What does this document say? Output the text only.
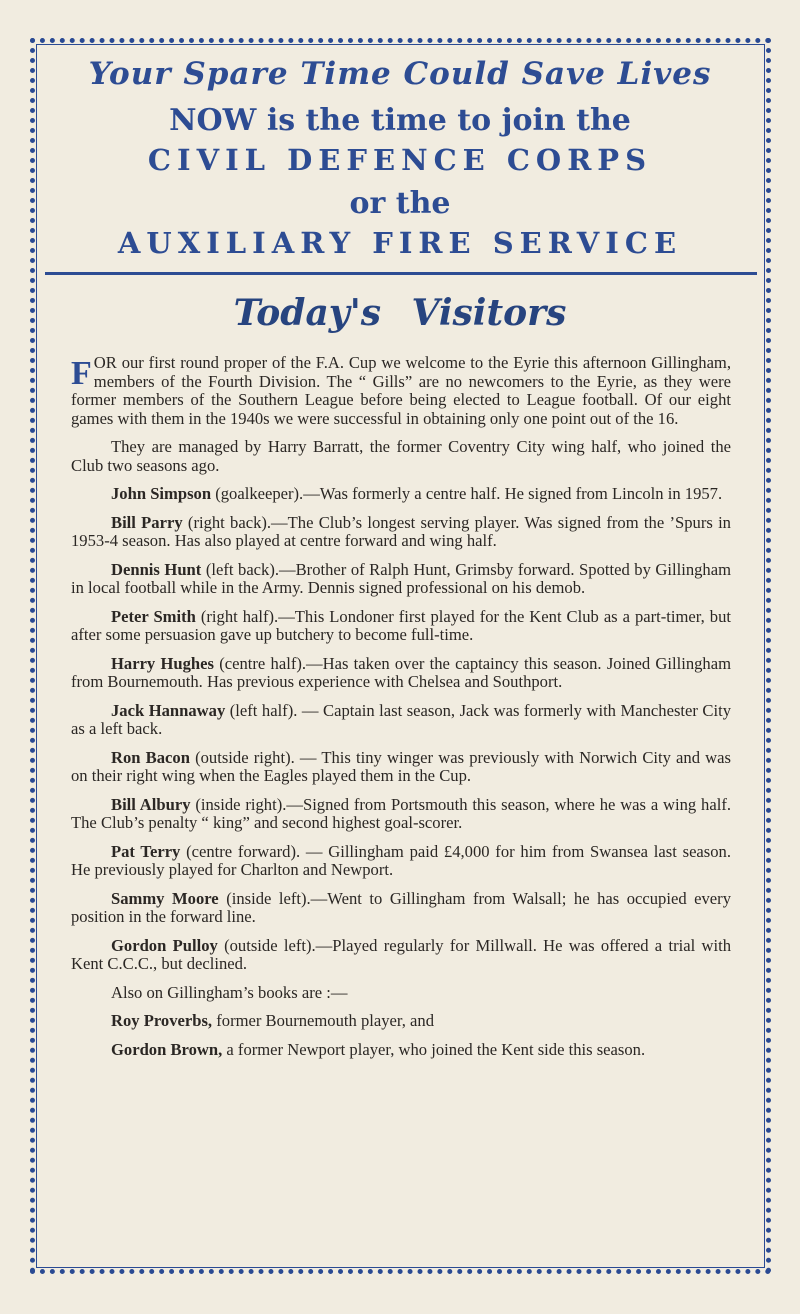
Your Spare Time Could Save Lives
NOW is the time to join the
CIVIL DEFENCE CORPS
or the
AUXILIARY FIRE SERVICE
Today's Visitors

FOR our first round proper of the F.A. Cup we welcome to the Eyrie this afternoon Gillingham, members of the Fourth Division. The “ Gills” are no newcomers to the Eyrie, as they were former members of the Southern League before being elected to League football. Of our eight games with them in the 1940s we were successful in obtaining only one point out of the 16.

They are managed by Harry Barratt, the former Coventry City wing half, who joined the Club two seasons ago.

John Simpson (goalkeeper).—Was formerly a centre half. He signed from Lincoln in 1957.

Bill Parry (right back).—The Club’s longest serving player. Was signed from the ’Spurs in 1953-4 season. Has also played at centre forward and wing half.

Dennis Hunt (left back).—Brother of Ralph Hunt, Grimsby forward. Spotted by Gillingham in local football while in the Army. Dennis signed professional on his demob.

Peter Smith (right half).—This Londoner first played for the Kent Club as a part-timer, but after some persuasion gave up butchery to become full-time.

Harry Hughes (centre half).—Has taken over the captaincy this season. Joined Gillingham from Bournemouth. Has previous experience with Chelsea and Southport.

Jack Hannaway (left half). — Captain last season, Jack was formerly with Manchester City as a left back.

Ron Bacon (outside right). — This tiny winger was previously with Norwich City and was on their right wing when the Eagles played them in the Cup.

Bill Albury (inside right).—Signed from Portsmouth this season, where he was a wing half. The Club’s penalty “ king” and second highest goal-scorer.

Pat Terry (centre forward). — Gillingham paid £4,000 for him from Swansea last season. He previously played for Charlton and Newport.

Sammy Moore (inside left).—Went to Gillingham from Walsall; he has occupied every position in the forward line.

Gordon Pulloy (outside left).—Played regularly for Millwall. He was offered a trial with Kent C.C.C., but declined.

Also on Gillingham’s books are :—

Roy Proverbs, former Bournemouth player, and

Gordon Brown, a former Newport player, who joined the Kent side this season.
